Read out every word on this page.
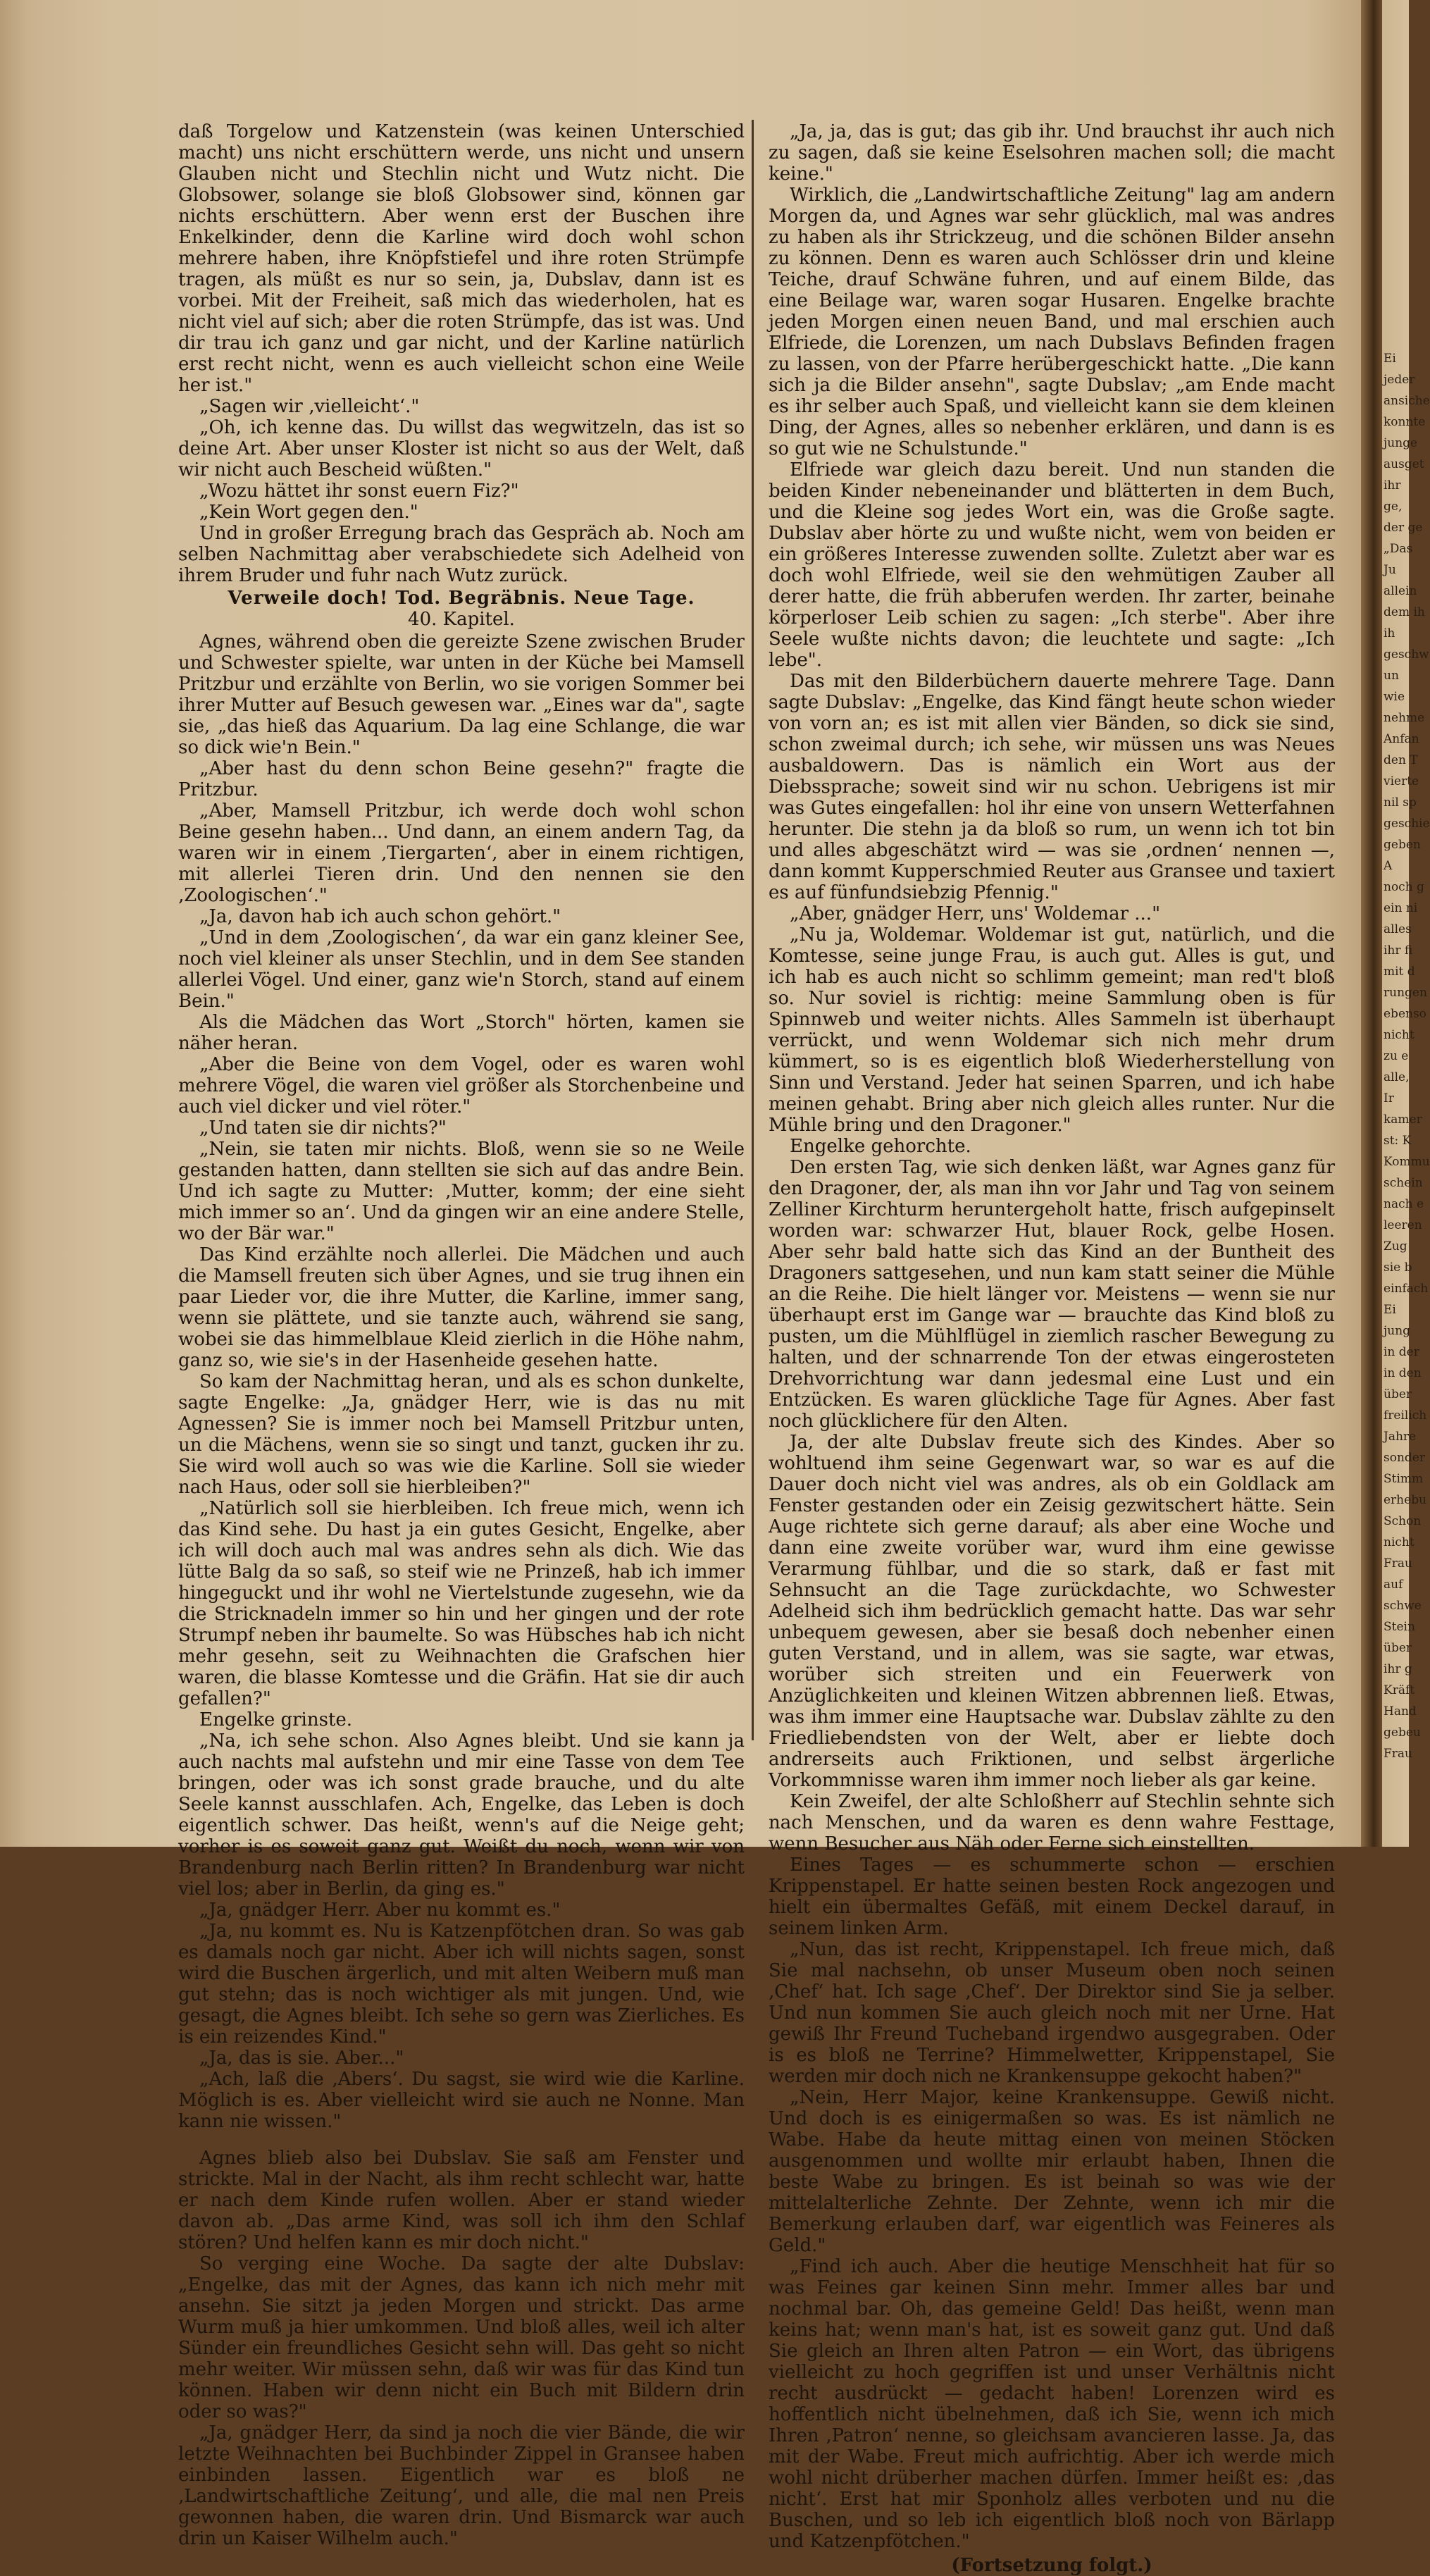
daß Torgelow und Katzenstein (was keinen Unterschied macht) uns nicht erschüttern werde, uns nicht und unsern Glauben nicht und Stechlin nicht und Wutz nicht. Die Globsower, solange sie bloß Globsower sind, können gar nichts erschüttern. Aber wenn erst der Buschen ihre Enkelkinder, denn die Karline wird doch wohl schon mehrere haben, ihre Knöpfstiefel und ihre roten Strümpfe tragen, als müßt es nur so sein, ja, Dubslav, dann ist es vorbei. Mit der Freiheit, saß mich das wiederholen, hat es nicht viel auf sich; aber die roten Strümpfe, das ist was. Und dir trau ich ganz und gar nicht, und der Karline natürlich erst recht nicht, wenn es auch vielleicht schon eine Weile her ist."

„Sagen wir ‚vielleicht‘."

„Oh, ich kenne das. Du willst das wegwitzeln, das ist so deine Art. Aber unser Kloster ist nicht so aus der Welt, daß wir nicht auch Bescheid wüßten."

„Wozu hättet ihr sonst euern Fiz?"

„Kein Wort gegen den."

Und in großer Erregung brach das Gespräch ab. Noch am selben Nachmittag aber verabschiedete sich Adelheid von ihrem Bruder und fuhr nach Wutz zurück.

Verweile doch! Tod. Begräbnis. Neue Tage.

40. Kapitel.

Agnes, während oben die gereizte Szene zwischen Bruder und Schwester spielte, war unten in der Küche bei Mamsell Pritzbur und erzählte von Berlin, wo sie vorigen Sommer bei ihrer Mutter auf Besuch gewesen war. „Eines war da", sagte sie, „das hieß das Aquarium. Da lag eine Schlange, die war so dick wie'n Bein."

„Aber hast du denn schon Beine gesehn?" fragte die Pritzbur.

„Aber, Mamsell Pritzbur, ich werde doch wohl schon Beine gesehn haben... Und dann, an einem andern Tag, da waren wir in einem ‚Tiergarten‘, aber in einem richtigen, mit allerlei Tieren drin. Und den nennen sie den ‚Zoologischen‘."

„Ja, davon hab ich auch schon gehört."

„Und in dem ‚Zoologischen‘, da war ein ganz kleiner See, noch viel kleiner als unser Stechlin, und in dem See standen allerlei Vögel. Und einer, ganz wie'n Storch, stand auf einem Bein."

Als die Mädchen das Wort „Storch" hörten, kamen sie näher heran.

„Aber die Beine von dem Vogel, oder es waren wohl mehrere Vögel, die waren viel größer als Storchenbeine und auch viel dicker und viel röter."

„Und taten sie dir nichts?"

„Nein, sie taten mir nichts. Bloß, wenn sie so ne Weile gestanden hatten, dann stellten sie sich auf das andre Bein. Und ich sagte zu Mutter: ‚Mutter, komm; der eine sieht mich immer so an‘. Und da gingen wir an eine andere Stelle, wo der Bär war."

Das Kind erzählte noch allerlei. Die Mädchen und auch die Mamsell freuten sich über Agnes, und sie trug ihnen ein paar Lieder vor, die ihre Mutter, die Karline, immer sang, wenn sie plättete, und sie tanzte auch, während sie sang, wobei sie das himmelblaue Kleid zierlich in die Höhe nahm, ganz so, wie sie's in der Hasenheide gesehen hatte.

So kam der Nachmittag heran, und als es schon dunkelte, sagte Engelke: „Ja, gnädger Herr, wie is das nu mit Agnessen? Sie is immer noch bei Mamsell Pritzbur unten, un die Mächens, wenn sie so singt und tanzt, gucken ihr zu. Sie wird woll auch so was wie die Karline. Soll sie wieder nach Haus, oder soll sie hierbleiben?"

„Natürlich soll sie hierbleiben. Ich freue mich, wenn ich das Kind sehe. Du hast ja ein gutes Gesicht, Engelke, aber ich will doch auch mal was andres sehn als dich. Wie das lütte Balg da so saß, so steif wie ne Prinzeß, hab ich immer hingeguckt und ihr wohl ne Viertelstunde zugesehn, wie da die Stricknadeln immer so hin und her gingen und der rote Strumpf neben ihr baumelte. So was Hübsches hab ich nicht mehr gesehn, seit zu Weihnachten die Grafschen hier waren, die blasse Komtesse und die Gräfin. Hat sie dir auch gefallen?"

Engelke grinste.

„Na, ich sehe schon. Also Agnes bleibt. Und sie kann ja auch nachts mal aufstehn und mir eine Tasse von dem Tee bringen, oder was ich sonst grade brauche, und du alte Seele kannst ausschlafen. Ach, Engelke, das Leben is doch eigentlich schwer. Das heißt, wenn's auf die Neige geht; vorher is es soweit ganz gut. Weißt du noch, wenn wir von Brandenburg nach Berlin ritten? In Brandenburg war nicht viel los; aber in Berlin, da ging es."

„Ja, gnädger Herr. Aber nu kommt es."

„Ja, nu kommt es. Nu is Katzenpfötchen dran. So was gab es damals noch gar nicht. Aber ich will nichts sagen, sonst wird die Buschen ärgerlich, und mit alten Weibern muß man gut stehn; das is noch wichtiger als mit jungen. Und, wie gesagt, die Agnes bleibt. Ich sehe so gern was Zierliches. Es is ein reizendes Kind."

„Ja, das is sie. Aber..."

„Ach, laß die ‚Abers‘. Du sagst, sie wird wie die Karline. Möglich is es. Aber vielleicht wird sie auch ne Nonne. Man kann nie wissen."

Agnes blieb also bei Dubslav. Sie saß am Fenster und strickte. Mal in der Nacht, als ihm recht schlecht war, hatte er nach dem Kinde rufen wollen. Aber er stand wieder davon ab. „Das arme Kind, was soll ich ihm den Schlaf stören? Und helfen kann es mir doch nicht."

So verging eine Woche. Da sagte der alte Dubslav: „Engelke, das mit der Agnes, das kann ich nich mehr mit ansehn. Sie sitzt ja jeden Morgen und strickt. Das arme Wurm muß ja hier umkommen. Und bloß alles, weil ich alter Sünder ein freundliches Gesicht sehn will. Das geht so nicht mehr weiter. Wir müssen sehn, daß wir was für das Kind tun können. Haben wir denn nicht ein Buch mit Bildern drin oder so was?"

„Ja, gnädger Herr, da sind ja noch die vier Bände, die wir letzte Weihnachten bei Buchbinder Zippel in Gransee haben einbinden lassen. Eigentlich war es bloß ne ‚Landwirtschaftliche Zeitung‘, und alle, die mal nen Preis gewonnen haben, die waren drin. Und Bismarck war auch drin un Kaiser Wilhelm auch."

„Ja, ja, das is gut; das gib ihr. Und brauchst ihr auch nich zu sagen, daß sie keine Eselsohren machen soll; die macht keine."

Wirklich, die „Landwirtschaftliche Zeitung" lag am andern Morgen da, und Agnes war sehr glücklich, mal was andres zu haben als ihr Strickzeug, und die schönen Bilder ansehn zu können. Denn es waren auch Schlösser drin und kleine Teiche, drauf Schwäne fuhren, und auf einem Bilde, das eine Beilage war, waren sogar Husaren. Engelke brachte jeden Morgen einen neuen Band, und mal erschien auch Elfriede, die Lorenzen, um nach Dubslavs Befinden fragen zu lassen, von der Pfarre herübergeschickt hatte. „Die kann sich ja die Bilder ansehn", sagte Dubslav; „am Ende macht es ihr selber auch Spaß, und vielleicht kann sie dem kleinen Ding, der Agnes, alles so nebenher erklären, und dann is es so gut wie ne Schulstunde."

Elfriede war gleich dazu bereit. Und nun standen die beiden Kinder nebeneinander und blätterten in dem Buch, und die Kleine sog jedes Wort ein, was die Große sagte. Dubslav aber hörte zu und wußte nicht, wem von beiden er ein größeres Interesse zuwenden sollte. Zuletzt aber war es doch wohl Elfriede, weil sie den wehmütigen Zauber all derer hatte, die früh abberufen werden. Ihr zarter, beinahe körperloser Leib schien zu sagen: „Ich sterbe". Aber ihre Seele wußte nichts davon; die leuchtete und sagte: „Ich lebe".

Das mit den Bilderbüchern dauerte mehrere Tage. Dann sagte Dubslav: „Engelke, das Kind fängt heute schon wieder von vorn an; es ist mit allen vier Bänden, so dick sie sind, schon zweimal durch; ich sehe, wir müssen uns was Neues ausbaldowern. Das is nämlich ein Wort aus der Diebssprache; soweit sind wir nu schon. Uebrigens ist mir was Gutes eingefallen: hol ihr eine von unsern Wetterfahnen herunter. Die stehn ja da bloß so rum, un wenn ich tot bin und alles abgeschätzt wird — was sie ‚ordnen‘ nennen —, dann kommt Kupperschmied Reuter aus Gransee und taxiert es auf fünfundsiebzig Pfennig."

„Aber, gnädger Herr, uns' Woldemar ..."

„Nu ja, Woldemar. Woldemar ist gut, natürlich, und die Komtesse, seine junge Frau, is auch gut. Alles is gut, und ich hab es auch nicht so schlimm gemeint; man red't bloß so. Nur soviel is richtig: meine Sammlung oben is für Spinnweb und weiter nichts. Alles Sammeln ist überhaupt verrückt, und wenn Woldemar sich nich mehr drum kümmert, so is es eigentlich bloß Wiederherstellung von Sinn und Verstand. Jeder hat seinen Sparren, und ich habe meinen gehabt. Bring aber nich gleich alles runter. Nur die Mühle bring und den Dragoner."

Engelke gehorchte.

Den ersten Tag, wie sich denken läßt, war Agnes ganz für den Dragoner, der, als man ihn vor Jahr und Tag von seinem Zelliner Kirchturm heruntergeholt hatte, frisch aufgepinselt worden war: schwarzer Hut, blauer Rock, gelbe Hosen. Aber sehr bald hatte sich das Kind an der Buntheit des Dragoners sattgesehen, und nun kam statt seiner die Mühle an die Reihe. Die hielt länger vor. Meistens — wenn sie nur überhaupt erst im Gange war — brauchte das Kind bloß zu pusten, um die Mühlflügel in ziemlich rascher Bewegung zu halten, und der schnarrende Ton der etwas eingerosteten Drehvorrichtung war dann jedesmal eine Lust und ein Entzücken. Es waren glückliche Tage für Agnes. Aber fast noch glücklichere für den Alten.

Ja, der alte Dubslav freute sich des Kindes. Aber so wohltuend ihm seine Gegenwart war, so war es auf die Dauer doch nicht viel was andres, als ob ein Goldlack am Fenster gestanden oder ein Zeisig gezwitschert hätte. Sein Auge richtete sich gerne darauf; als aber eine Woche und dann eine zweite vorüber war, wurd ihm eine gewisse Verarmung fühlbar, und die so stark, daß er fast mit Sehnsucht an die Tage zurückdachte, wo Schwester Adelheid sich ihm bedrücklich gemacht hatte. Das war sehr unbequem gewesen, aber sie besaß doch nebenher einen guten Verstand, und in allem, was sie sagte, war etwas, worüber sich streiten und ein Feuerwerk von Anzüglichkeiten und kleinen Witzen abbrennen ließ. Etwas, was ihm immer eine Hauptsache war. Dubslav zählte zu den Friedliebendsten von der Welt, aber er liebte doch andrerseits auch Friktionen, und selbst ärgerliche Vorkommnisse waren ihm immer noch lieber als gar keine.

Kein Zweifel, der alte Schloßherr auf Stechlin sehnte sich nach Menschen, und da waren es denn wahre Festtage, wenn Besucher aus Näh oder Ferne sich einstellten.

Eines Tages — es schummerte schon — erschien Krippenstapel. Er hatte seinen besten Rock angezogen und hielt ein übermaltes Gefäß, mit einem Deckel darauf, in seinem linken Arm.

„Nun, das ist recht, Krippenstapel. Ich freue mich, daß Sie mal nachsehn, ob unser Museum oben noch seinen ‚Chef‘ hat. Ich sage ‚Chef‘. Der Direktor sind Sie ja selber. Und nun kommen Sie auch gleich noch mit ner Urne. Hat gewiß Ihr Freund Tucheband irgendwo ausgegraben. Oder is es bloß ne Terrine? Himmelwetter, Krippenstapel, Sie werden mir doch nich ne Krankensuppe gekocht haben?"

„Nein, Herr Major, keine Krankensuppe. Gewiß nicht. Und doch is es einigermaßen so was. Es ist nämlich ne Wabe. Habe da heute mittag einen von meinen Stöcken ausgenommen und wollte mir erlaubt haben, Ihnen die beste Wabe zu bringen. Es ist beinah so was wie der mittelalterliche Zehnte. Der Zehnte, wenn ich mir die Bemerkung erlauben darf, war eigentlich was Feineres als Geld."

„Find ich auch. Aber die heutige Menschheit hat für so was Feines gar keinen Sinn mehr. Immer alles bar und nochmal bar. Oh, das gemeine Geld! Das heißt, wenn man keins hat; wenn man's hat, ist es soweit ganz gut. Und daß Sie gleich an Ihren alten Patron — ein Wort, das übrigens vielleicht zu hoch gegriffen ist und unser Verhältnis nicht recht ausdrückt — gedacht haben! Lorenzen wird es hoffentlich nicht übelnehmen, daß ich Sie, wenn ich mich Ihren ‚Patron‘ nenne, so gleichsam avancieren lasse. Ja, das mit der Wabe. Freut mich aufrichtig. Aber ich werde mich wohl nicht drüberher machen dürfen. Immer heißt es: ‚das nicht‘. Erst hat mir Sponholz alles verboten und nu die Buschen, und so leb ich eigentlich bloß noch von Bärlapp und Katzenpfötchen."

(Fortsetzung folgt.)

Ei
jeder
ansiche
konnte
junge
ausget
ihr
ge,
der ge
„Das
Ju
allein
dem ih
ih
geschw
un
wie
nehme
Anfan
den T
vierte
nil sp
geschie
geben
A
noch g
ein ni
alles
ihr fi
mit d
rungen
ebenso
nicht
zu e
alle,
Ir
kamer
st: K
Kommu
schein
nach e
leeren
Zug
sie b
einfach
Ei
jung
in der
in den
über
freilich
Jahre
sonder
Stimm
erhebu
Schon
nicht
Frau
auf
schwe
Stein
über
ihr g
Kräft
Hand
gebeu
Frau
